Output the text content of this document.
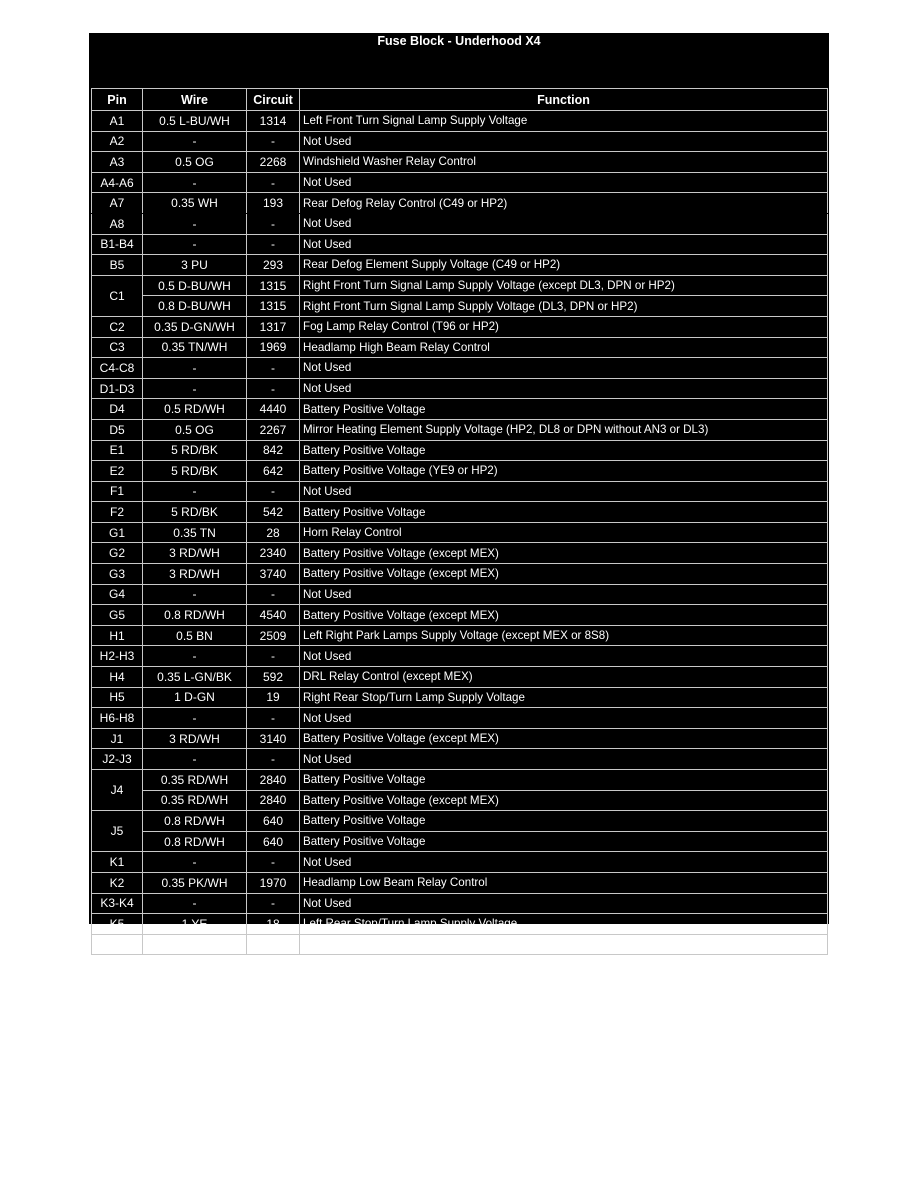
Fuse Block - Underhood X4
Pin	Wire	Circuit	Function
A1	0.5 L-BU/WH	1314	Left Front Turn Signal Lamp Supply Voltage
A2	-	-	Not Used
A3	0.5 OG	2268	Windshield Washer Relay Control
A4-A6	-	-	Not Used
A7	0.35 WH	193	Rear Defog Relay Control (C49 or HP2)
A8	-	-	Not Used
B1-B4	-	-	Not Used
B5	3 PU	293	Rear Defog Element Supply Voltage (C49 or HP2)
C1	0.5 D-BU/WH	1315	Right Front Turn Signal Lamp Supply Voltage (except DL3, DPN or HP2)
	0.8 D-BU/WH	1315	Right Front Turn Signal Lamp Supply Voltage (DL3, DPN or HP2)
C2	0.35 D-GN/WH	1317	Fog Lamp Relay Control (T96 or HP2)
C3	0.35 TN/WH	1969	Headlamp High Beam Relay Control
C4-C8	-	-	Not Used
D1-D3	-	-	Not Used
D4	0.5 RD/WH	4440	Battery Positive Voltage
D5	0.5 OG	2267	Mirror Heating Element Supply Voltage (HP2, DL8 or DPN without AN3 or DL3)
E1	5 RD/BK	842	Battery Positive Voltage
E2	5 RD/BK	642	Battery Positive Voltage (YE9 or HP2)
F1	-	-	Not Used
F2	5 RD/BK	542	Battery Positive Voltage
G1	0.35 TN	28	Horn Relay Control
G2	3 RD/WH	2340	Battery Positive Voltage (except MEX)
G3	3 RD/WH	3740	Battery Positive Voltage (except MEX)
G4	-	-	Not Used
G5	0.8 RD/WH	4540	Battery Positive Voltage (except MEX)
H1	0.5 BN	2509	Left Right Park Lamps Supply Voltage (except MEX or 8S8)
H2-H3	-	-	Not Used
H4	0.35 L-GN/BK	592	DRL Relay Control (except MEX)
H5	1 D-GN	19	Right Rear Stop/Turn Lamp Supply Voltage
H6-H8	-	-	Not Used
J1	3 RD/WH	3140	Battery Positive Voltage (except MEX)
J2-J3	-	-	Not Used
J4	0.35 RD/WH	2840	Battery Positive Voltage
	0.35 RD/WH	2840	Battery Positive Voltage (except MEX)
J5	0.8 RD/WH	640	Battery Positive Voltage
	0.8 RD/WH	640	Battery Positive Voltage
K1	-	-	Not Used
K2	0.35 PK/WH	1970	Headlamp Low Beam Relay Control
K3-K4	-	-	Not Used
K5	1 YE	18	Left Rear Stop/Turn Lamp Supply Voltage
K6-K8	-	-	Not Used
